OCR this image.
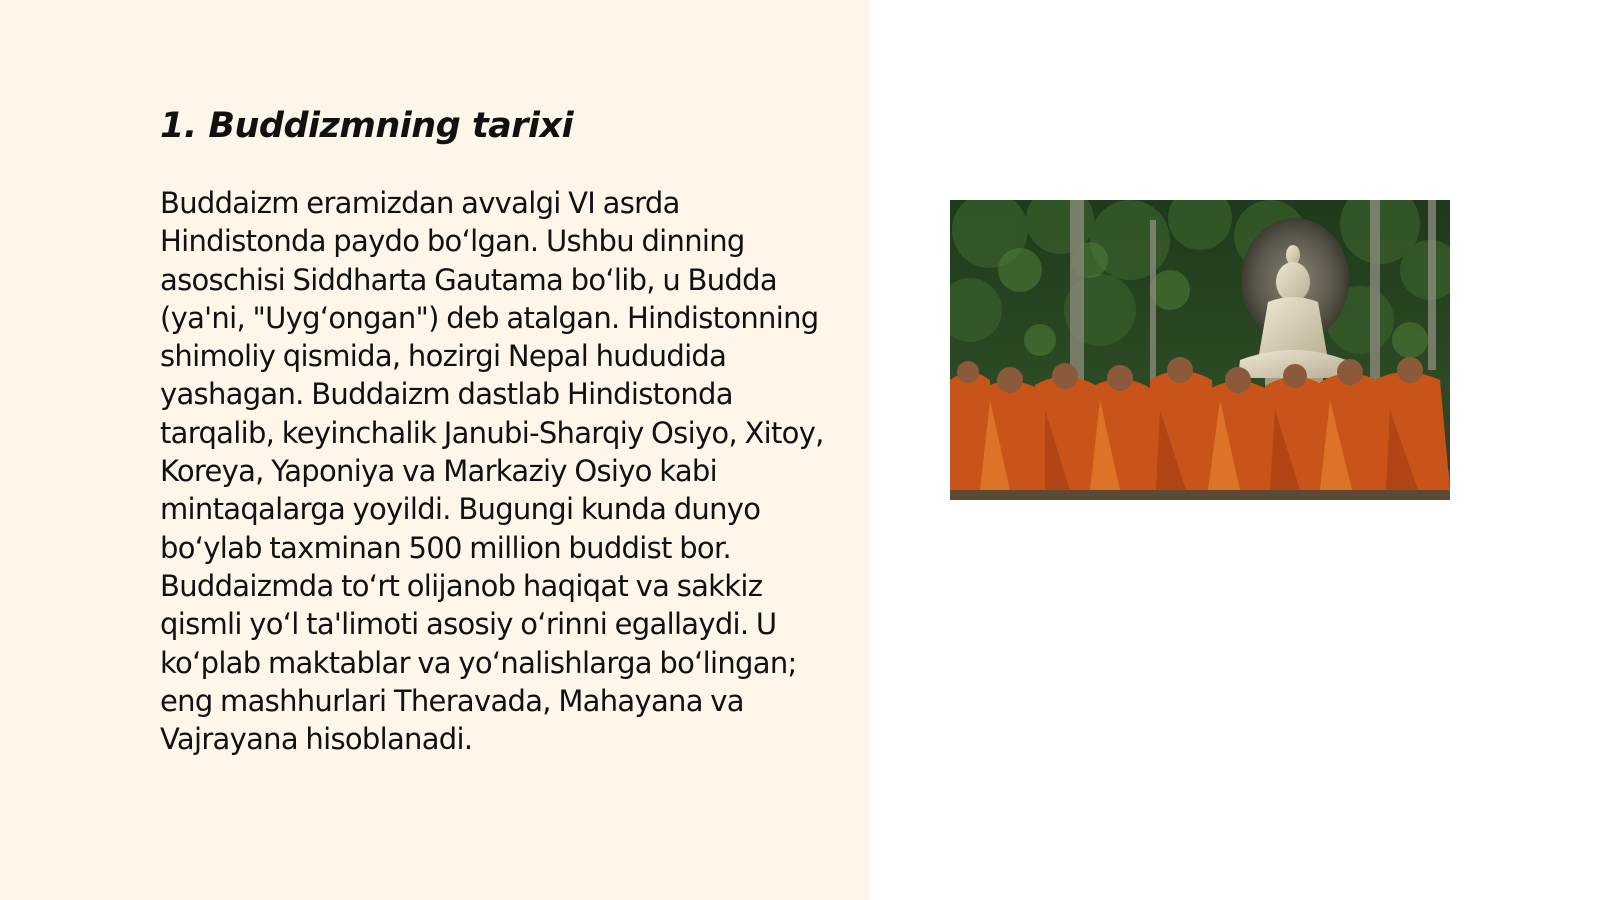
1. Buddizmning tarixi

Buddaizm eramizdan avvalgi VI asrda Hindistonda paydo bo‘lgan. Ushbu dinning asoschisi Siddharta Gautama bo‘lib, u Budda (ya'ni, "Uyg‘ongan") deb atalgan. Hindistonning shimoliy qismida, hozirgi Nepal hududida yashagan. Buddaizm dastlab Hindistonda tarqalib, keyinchalik Janubi-Sharqiy Osiyo, Xitoy, Koreya, Yaponiya va Markaziy Osiyo kabi mintaqalarga yoyildi. Bugungi kunda dunyo bo‘ylab taxminan 500 million buddist bor. Buddaizmda to‘rt olijanob haqiqat va sakkiz qismli yo‘l ta'limoti asosiy o‘rinni egallaydi. U ko‘plab maktablar va yo‘nalishlarga bo‘lingan; eng mashhurlari Theravada, Mahayana va Vajrayana hisoblanadi.
